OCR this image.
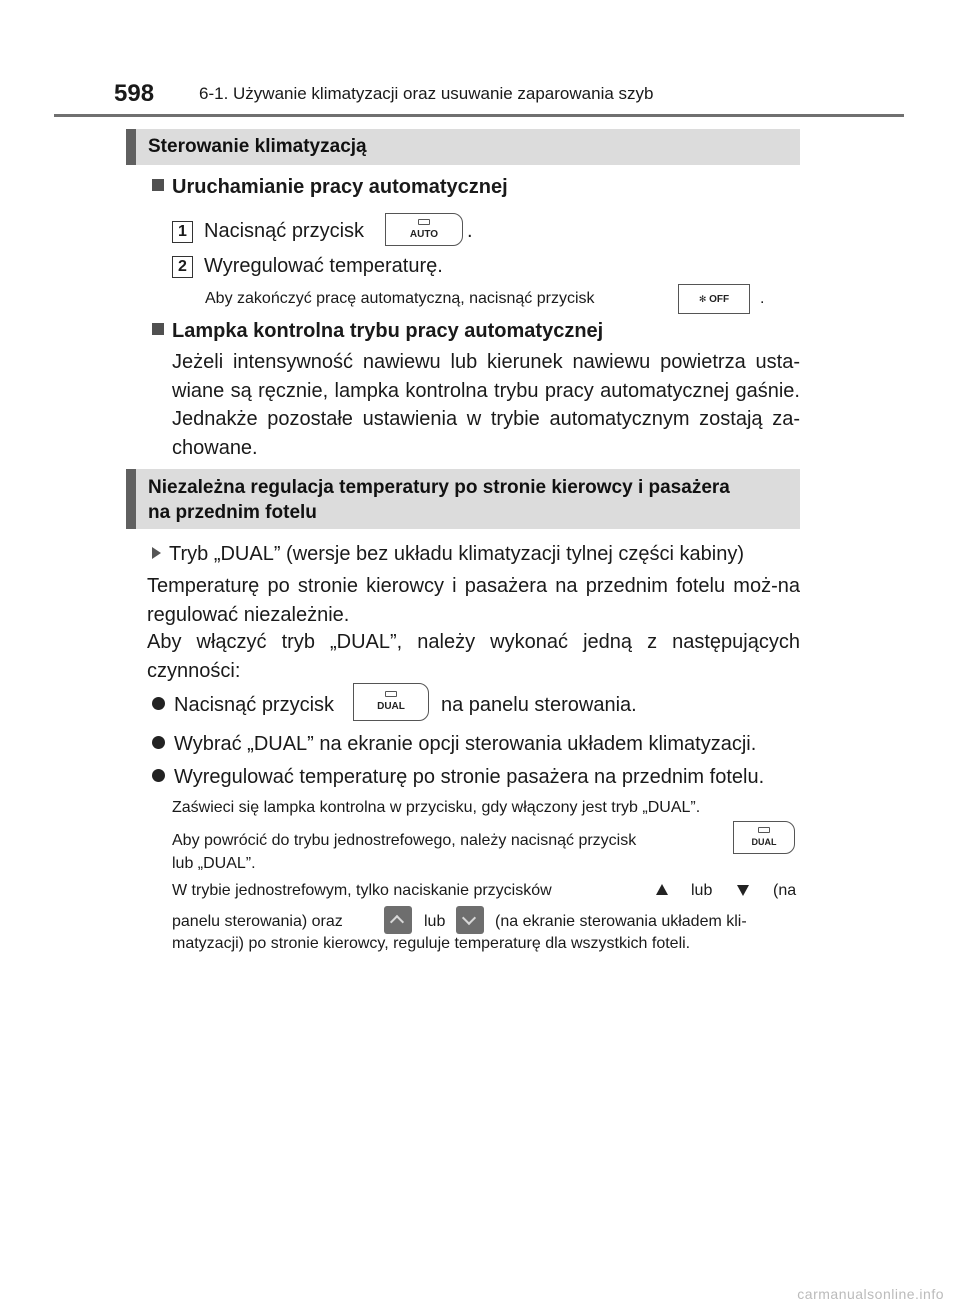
598	6-1. Używanie klimatyzacji oraz usuwanie zaparowania szyb
Sterowanie klimatyzacją
Uruchamianie pracy automatycznej
1 Nacisnąć przycisk	AUTO	.
2 Wyregulować temperaturę.
Aby zakończyć pracę automatyczną, nacisnąć przycisk	✻ OFF	.
Lampka kontrolna trybu pracy automatycznej
Jeżeli intensywność nawiewu lub kierunek nawiewu powietrza usta-wiane są ręcznie, lampka kontrolna trybu pracy automatycznej gaśnie. Jednakże pozostałe ustawienia w trybie automatycznym zostają za-chowane.
Niezależna regulacja temperatury po stronie kierowcy i pasażera
na przednim fotelu
Tryb „DUAL” (wersje bez układu klimatyzacji tylnej części kabiny)
Temperaturę po stronie kierowcy i pasażera na przednim fotelu moż-na regulować niezależnie.
Aby włączyć tryb „DUAL”, należy wykonać jedną z następujących czynności:
Nacisnąć przycisk	DUAL	na panelu sterowania.
Wybrać „DUAL” na ekranie opcji sterowania układem klimatyzacji.
Wyregulować temperaturę po stronie pasażera na przednim fotelu.
Zaświeci się lampka kontrolna w przycisku, gdy włączony jest tryb „DUAL”.
Aby powrócić do trybu jednostrefowego, należy nacisnąć przycisk	DUAL
lub „DUAL”.
W trybie jednostrefowym, tylko naciskanie przycisków	lub	(na
panelu sterowania) oraz	lub	(na ekranie sterowania układem kli-
matyzacji) po stronie kierowcy, reguluje temperaturę dla wszystkich foteli.
carmanualsonline.info
